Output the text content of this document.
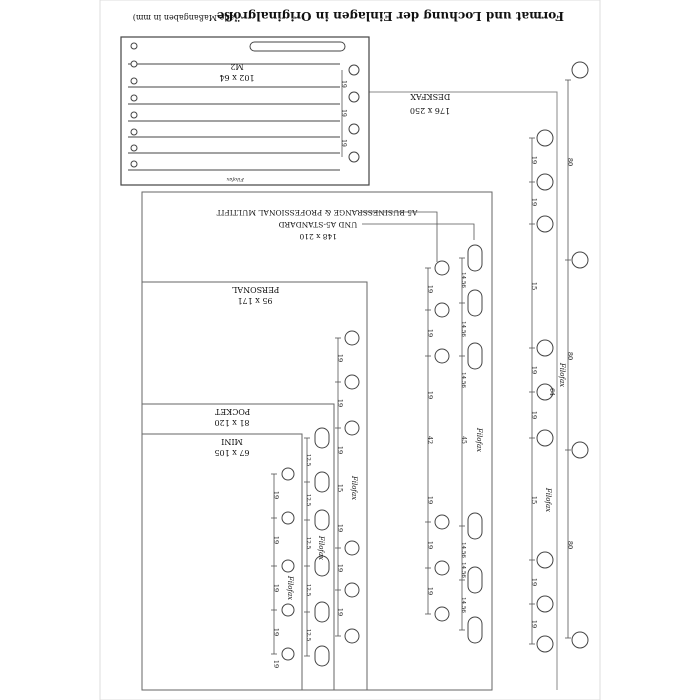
Format und Lochung der Einlagen in Originalgröße
(alle Maßangaben in mm)
DESKFAX
176 x 250
A5 BUSINESSRANGE & PROFESSIONAL MULTIFIT
UND A5-STANDARD
148 x 210
PERSONAL
95 x 171
POCKET
81 x 120
MINI
67 x 105
M2
102 x 64
Filofax
80
19
19
15
80
19
19
15
80
19
19
Filofax
Filofax
64
19
19
19
42
19
19
19
14.56
14.56
14.56
14.56
14.56
14.56
Filofax
45
19
19
19
15
19
19
19
Filofax
12.5
12.5
12.5
12.5
12.5
Filofax
19
19
19
19
19
Filofax
19
19
19
